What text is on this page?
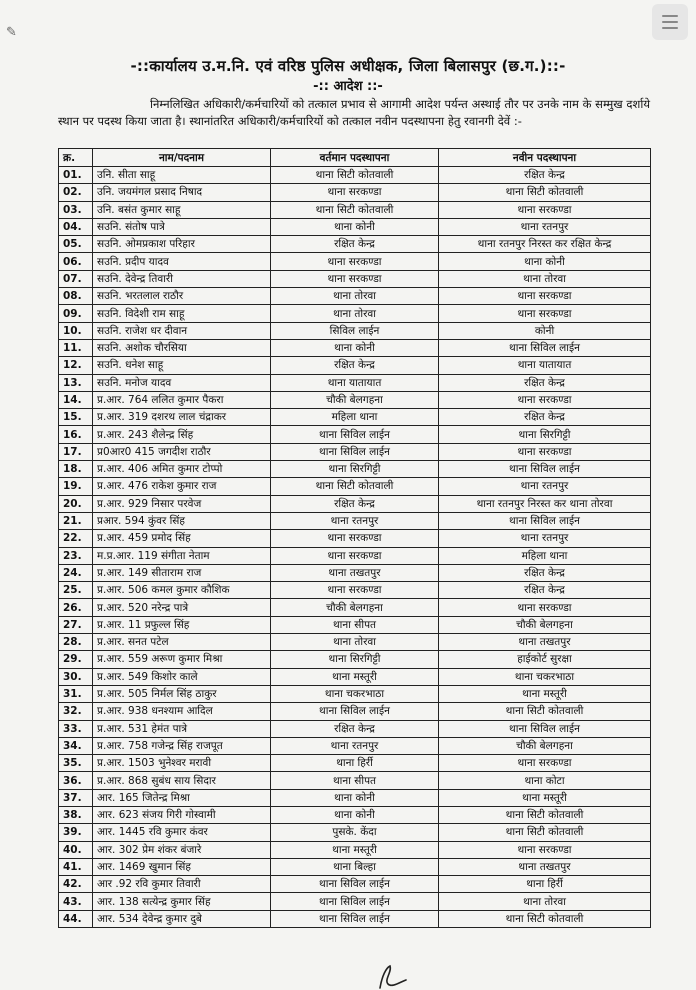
✎
-::कार्यालय उ.म.नि. एवं वरिष्ठ पुलिस अधीक्षक, जिला बिलासपुर (छ.ग.)::-
-:: आदेश ::-
निम्नलिखित अधिकारी/कर्मचारियों को तत्काल प्रभाव से आगामी आदेश पर्यन्त अस्थाई तौर पर उनके नाम के सम्मुख दर्शाये स्थान पर पदस्थ किया जाता है। स्थानांतरित अधिकारी/कर्मचारियों को तत्काल नवीन पदस्थापना हेतु रवानगी देवें :-
क्र.	नाम/पदनाम	वर्तमान पदस्थापना	नवीन पदस्थापना
01.	उनि. सीता साहू	थाना सिटी कोतवाली	रक्षित केन्द्र
02.	उनि. जयमंगल प्रसाद निषाद	थाना सरकण्डा	थाना सिटी कोतवाली
03.	उनि. बसंत कुमार साहू	थाना सिटी कोतवाली	थाना सरकण्डा
04.	सउनि. संतोष पात्रे	थाना कोनी	थाना रतनपुर
05.	सउनि. ओमप्रकाश परिहार	रक्षित केन्द्र	थाना रतनपुर निरस्त कर रक्षित केन्द्र
06.	सउनि. प्रदीप यादव	थाना सरकण्डा	थाना कोनी
07.	सउनि. देवेन्द्र तिवारी	थाना सरकण्डा	थाना तोरवा
08.	सउनि. भरतलाल राठौर	थाना तोरवा	थाना सरकण्डा
09.	सउनि. विदेशी राम साहू	थाना तोरवा	थाना सरकण्डा
10.	सउनि. राजेश धर दीवान	सिविल लाईन	कोनी
11.	सउनि. अशोक चौरसिया	थाना कोनी	थाना सिविल लाईन
12.	सउनि. धनेश साहू	रक्षित केन्द्र	थाना यातायात
13.	सउनि. मनोज यादव	थाना यातायात	रक्षित केन्द्र
14.	प्र.आर. 764 ललित कुमार पैकरा	चौकी बेलगहना	थाना सरकण्डा
15.	प्र.आर. 319 दशरथ लाल चंद्राकर	महिला थाना	रक्षित केन्द्र
16.	प्र.आर. 243 शैलेन्द्र सिंह	थाना सिविल लाईन	थाना सिरगिट्टी
17.	प्र0आर0 415 जगदीश राठौर	थाना सिविल लाईन	थाना सरकण्डा
18.	प्र.आर. 406 अमित कुमार टोप्पो	थाना सिरगिट्टी	थाना सिविल लाईन
19.	प्र.आर. 476 राकेश कुमार राज	थाना सिटी कोतवाली	थाना रतनपुर
20.	प्र.आर. 929 निसार परवेज	रक्षित केन्द्र	थाना रतनपुर निरस्त कर थाना तोरवा
21.	प्रआर. 594 कुंवर सिंह	थाना रतनपुर	थाना सिविल लाईन
22.	प्र.आर. 459 प्रमोद सिंह	थाना सरकण्डा	थाना रतनपुर
23.	म.प्र.आर. 119 संगीता नेताम	थाना सरकण्डा	महिला थाना
24.	प्र.आर. 149 सीताराम राज	थाना तखतपुर	रक्षित केन्द्र
25.	प्र.आर. 506 कमल कुमार कौशिक	थाना सरकण्डा	रक्षित केन्द्र
26.	प्र.आर. 520 नरेन्द्र पात्रे	चौकी बेलगहना	थाना सरकण्डा
27.	प्र.आर. 11 प्रफुल्ल सिंह	थाना सीपत	चौकी बेलगहना
28.	प्र.आर. सनत पटेल	थाना तोरवा	थाना तखतपुर
29.	प्र.आर. 559 अरूण कुमार मिश्रा	थाना सिरगिट्टी	हाईकोर्ट सुरक्षा
30.	प्र.आर. 549 किशोर काले	थाना मस्तूरी	थाना चकरभाठा
31.	प्र.आर. 505 निर्मल सिंह ठाकुर	थाना चकरभाठा	थाना मस्तूरी
32.	प्र.आर. 938 धनश्याम आदिल	थाना सिविल लाईन	थाना सिटी कोतवाली
33.	प्र.आर. 531 हेमंत पात्रे	रक्षित केन्द्र	थाना सिविल लाईन
34.	प्र.आर. 758 गजेन्द्र सिंह राजपूत	थाना रतनपुर	चौकी बेलगहना
35.	प्र.आर. 1503 भुनेश्वर मरावी	थाना हिर्री	थाना सरकण्डा
36.	प्र.आर. 868 सुबंध साय सिदार	थाना सीपत	थाना कोटा
37.	आर. 165 जितेन्द्र मिश्रा	थाना कोनी	थाना मस्तूरी
38.	आर. 623 संजय गिरी गोस्वामी	थाना कोनी	थाना सिटी कोतवाली
39.	आर. 1445 रवि कुमार कंवर	पुसके. केंदा	थाना सिटी कोतवाली
40.	आर. 302 प्रेम शंकर बंजारे	थाना मस्तूरी	थाना सरकण्डा
41.	आर. 1469 खुमान सिंह	थाना बिल्हा	थाना तखतपुर
42.	आर .92 रवि कुमार तिवारी	थाना सिविल लाईन	थाना हिर्री
43.	आर. 138 सत्येन्द्र कुमार सिंह	थाना सिविल लाईन	थाना तोरवा
44.	आर. 534 देवेन्द्र कुमार दुबे	थाना सिविल लाईन	थाना सिटी कोतवाली
